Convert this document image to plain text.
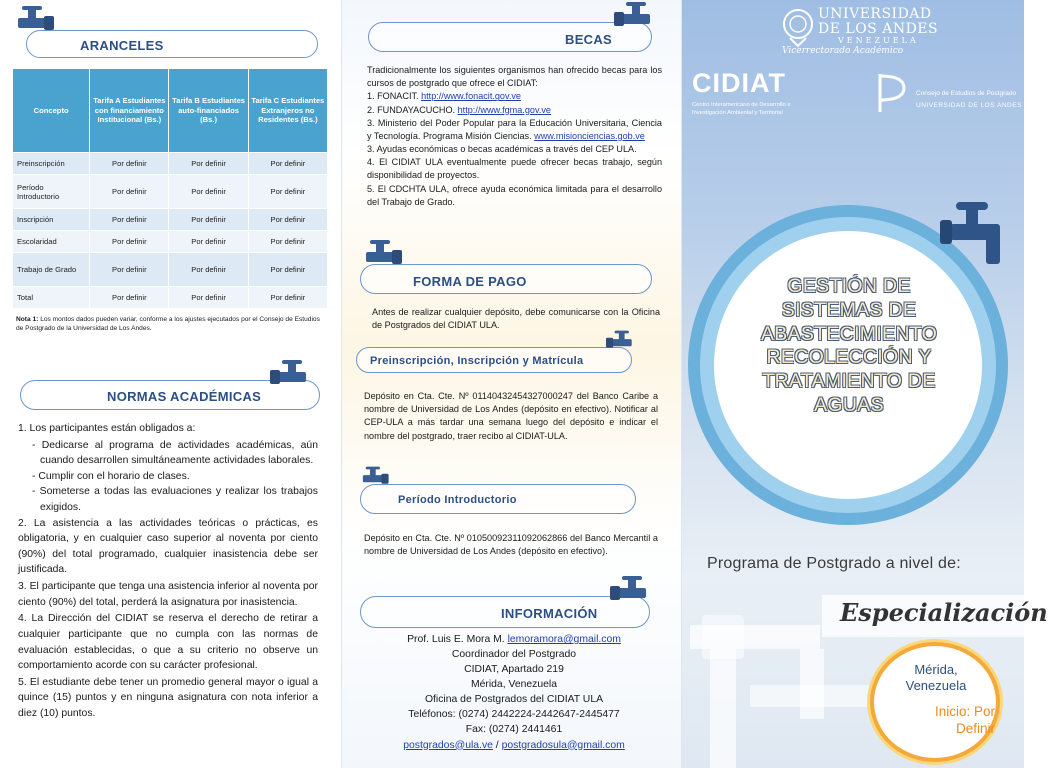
ARANCELES
Concepto	Tarifa A Estudiantes con financiamiento Institucional (Bs.)	Tarifa B Estudiantes auto-financiados (Bs.)	Tarifa C Estudiantes Extranjeros no Residentes (Bs.)
Preinscripción	Por definir	Por definir	Por definir
Período Introductorio	Por definir	Por definir	Por definir
Inscripción	Por definir	Por definir	Por definir
Escolaridad	Por definir	Por definir	Por definir
Trabajo de Grado	Por definir	Por definir	Por definir
Total	Por definir	Por definir	Por definir
Nota 1: Los montos dados pueden variar, conforme a los ajustes ejecutados por el Consejo de Estudios de Postgrado de la Universidad de Los Andes.
NORMAS ACADÉMICAS
1. Los participantes están obligados a:
- Dedicarse al programa de actividades académicas, aún cuando desarrollen simultáneamente actividades laborales.
- Cumplir con el horario de clases.
- Someterse a todas las evaluaciones y realizar los trabajos exigidos.
2. La asistencia a las actividades teóricas o prácticas, es obligatoria, y en cualquier caso superior al noventa por ciento (90%) del total programado, cualquier inasistencia debe ser justificada.
3. El participante que tenga una asistencia inferior al noventa por ciento (90%) del total, perderá la asignatura por inasistencia.
4. La Dirección del CIDIAT se reserva el derecho de retirar a cualquier participante que no cumpla con las normas de evaluación establecidas, o que a su criterio no observe un comportamiento acorde con su carácter profesional.
5. El estudiante debe tener un promedio general mayor o igual a quince (15) puntos y en ninguna asignatura con nota inferior a diez (10) puntos.
BECAS
Tradicionalmente los siguientes organismos han ofrecido becas para los cursos de postgrado que ofrece el CIDIAT:
1. FONACIT. http://www.fonacit.gov.ve
2. FUNDAYACUCHO. http://www.fgma.gov.ve
3. Ministerio del Poder Popular para la Educación Universitaria, Ciencia y Tecnología. Programa Misión Ciencias. www.misionciencias.gob.ve
3. Ayudas económicas o becas académicas a través del CEP ULA.
4. El CIDIAT ULA eventualmente puede ofrecer becas trabajo, según disponibilidad de proyectos.
5. El CDCHTA ULA, ofrece ayuda económica limitada para el desarrollo del Trabajo de Grado.
FORMA DE PAGO
Antes de realizar cualquier depósito, debe comunicarse con la Oficina de Postgrados del CIDIAT ULA.
Preinscripción, Inscripción y Matrícula
Depósito en Cta. Cte. Nº 01140432454327000247 del Banco Caribe a nombre de Universidad de Los Andes (depósito en efectivo). Notificar al CEP-ULA a más tardar una semana luego del depósito e indicar el nombre del postgrado, traer recibo al CIDIAT-ULA.
Período Introductorio
Depósito en Cta. Cte. Nº 01050092311092062866 del Banco Mercantil a nombre de Universidad de Los Andes (depósito en efectivo).
INFORMACIÓN
Prof. Luis E. Mora M. lemoramora@gmail.com
Coordinador del Postgrado
CIDIAT, Apartado 219
Mérida, Venezuela
Oficina de Postgrados del CIDIAT ULA
Teléfonos: (0274) 2442224-2442647-2445477
Fax: (0274) 2441461
postgrados@ula.ve / postgradosula@gmail.com
UNIVERSIDAD
DE LOS ANDES
VENEZUELA
Vicerrectorado Académico
CIDIAT
Centro Interamericano de Desarrollo e Investigación Ambiental y Territorial
Consejo de Estudios de Postgrado
UNIVERSIDAD DE LOS ANDES
GESTIÓN DE
SISTEMAS DE
ABASTECIMIENTO
RECOLECCIÓN Y
TRATAMIENTO DE
AGUAS
Programa de Postgrado a nivel de:
Especialización
Mérida,
Venezuela
Inicio: Por
Definir
